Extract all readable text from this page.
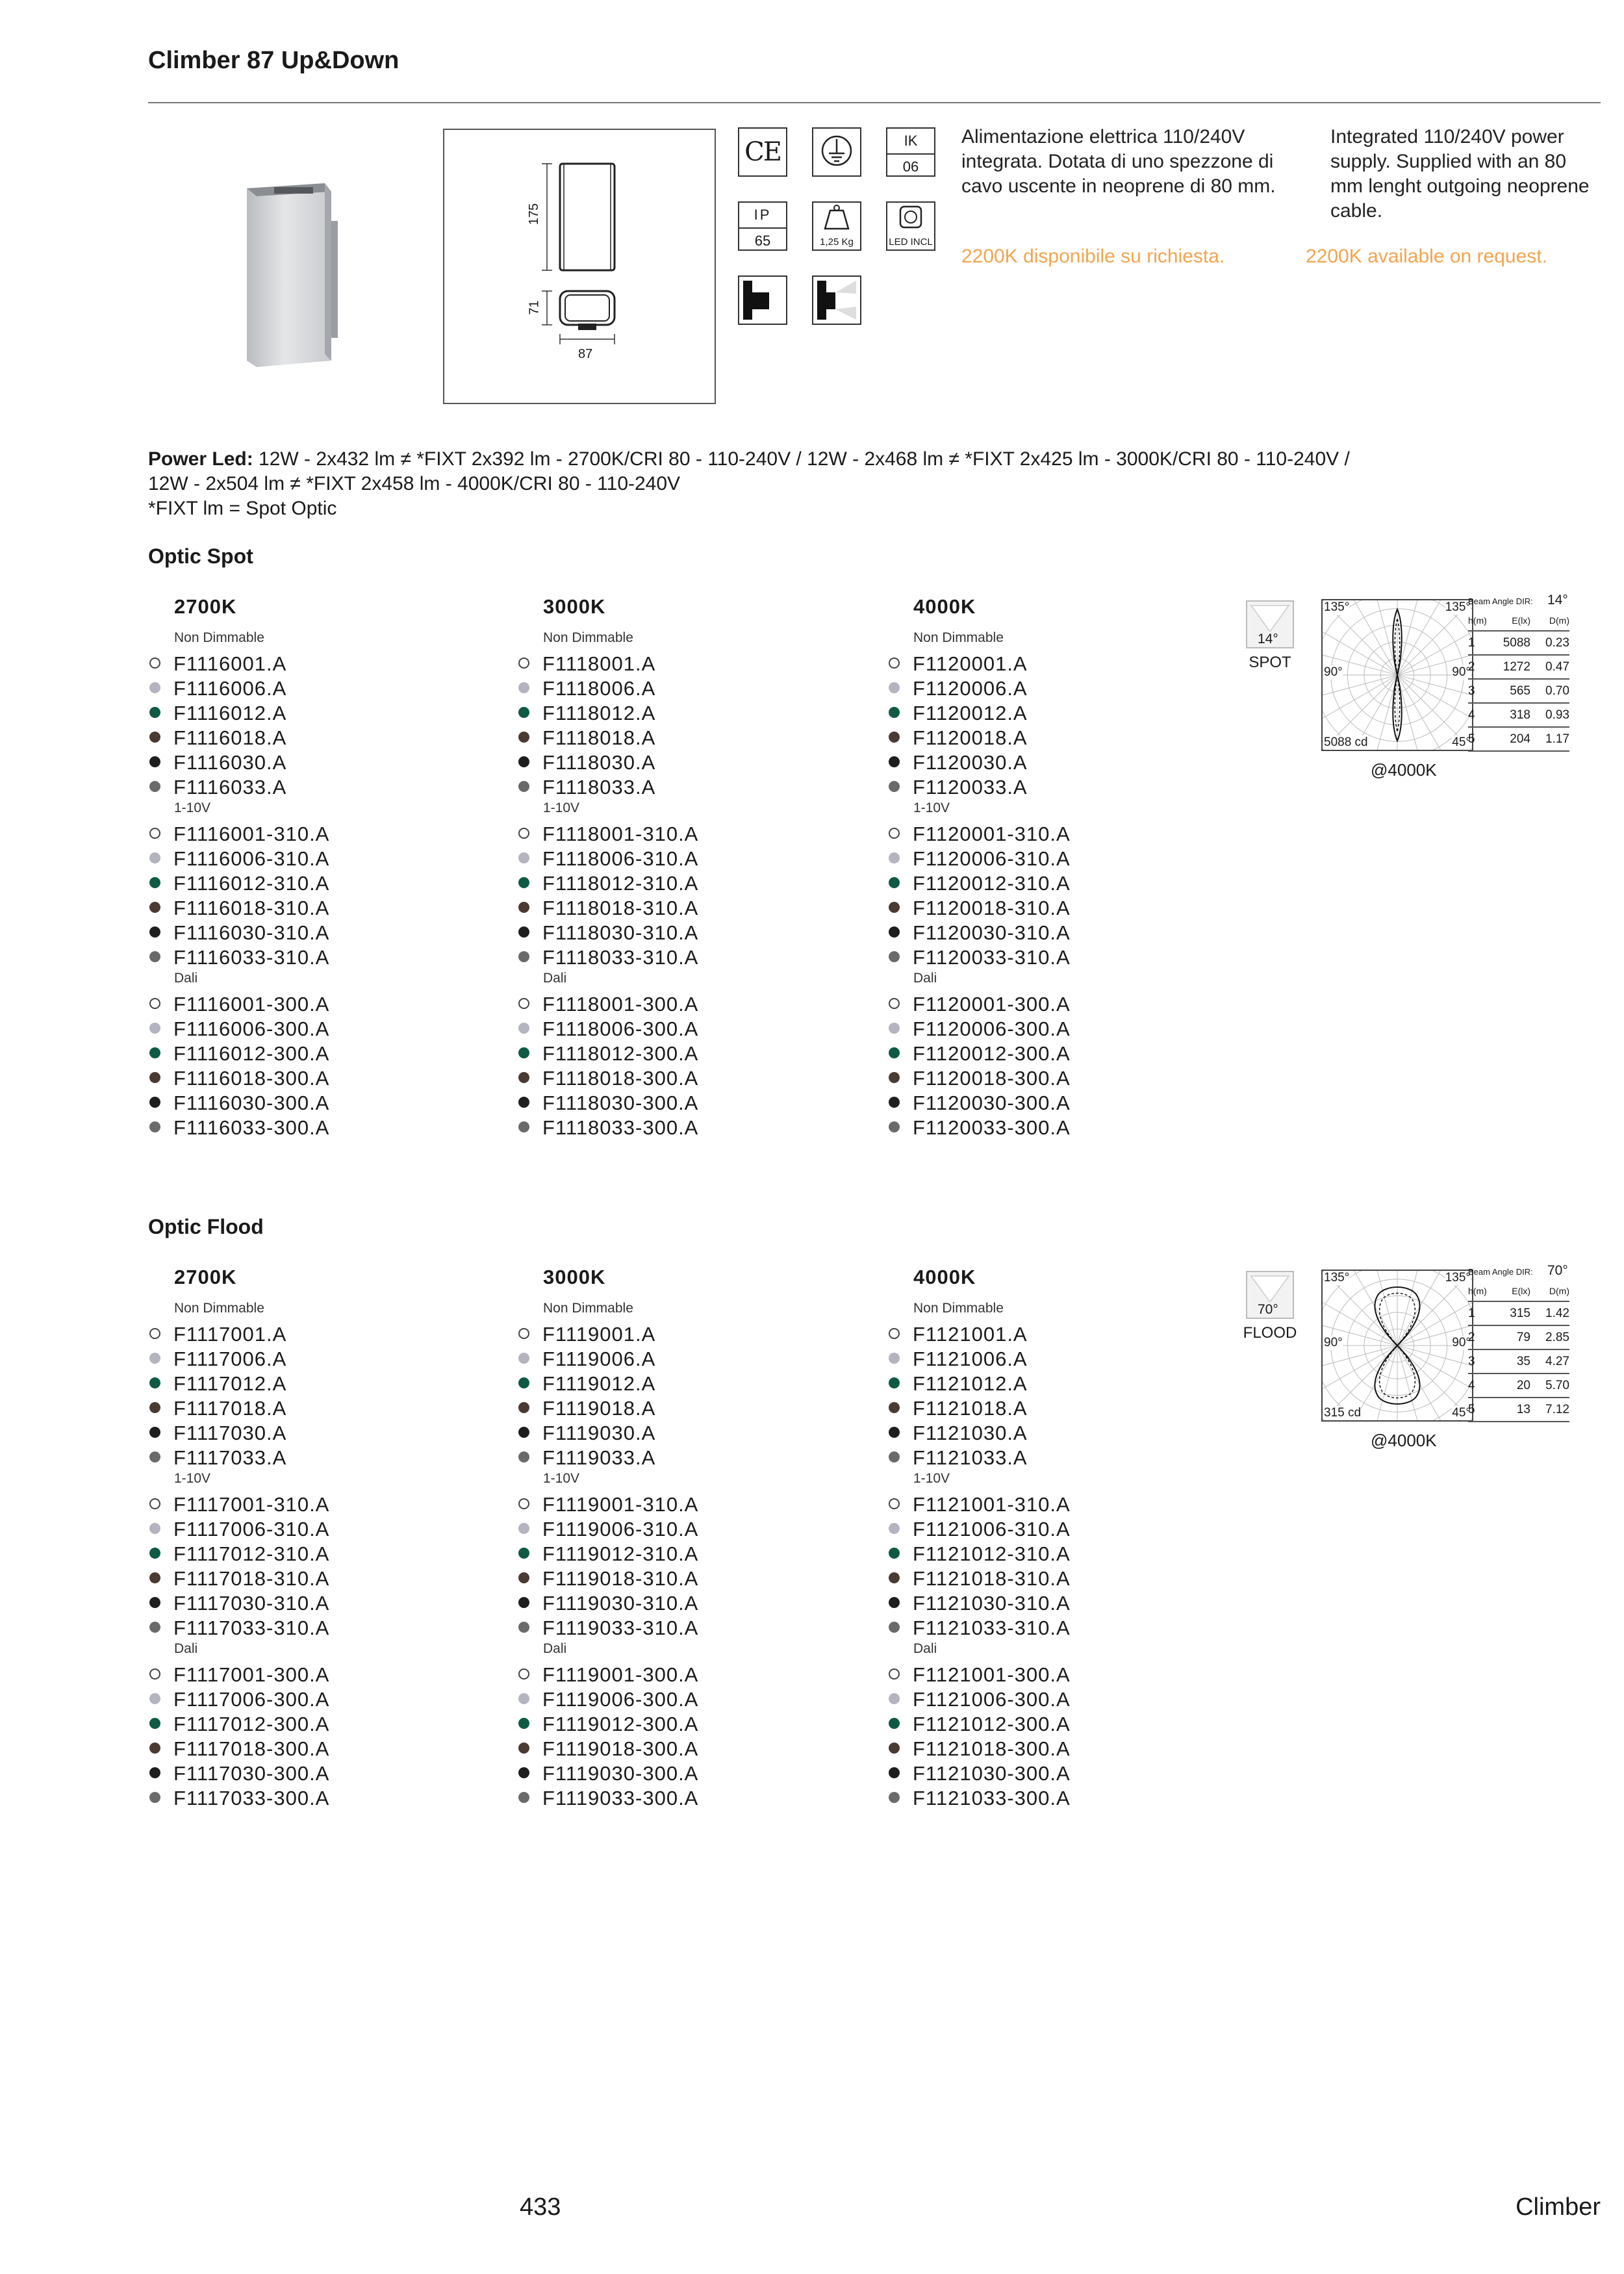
Climber 87 Up&Down
175
71
87
CE	IK
06
IP
65	1,25 Kg	LED INCL
Alimentazione elettrica 110/240V integrata. Dotata di uno spezzone di cavo uscente in neoprene di 80 mm.
Integrated 110/240V power supply. Supplied with an 80 mm lenght outgoing neoprene cable.
2200K disponibile su richiesta.	2200K available on request.
Power Led: 12W - 2x432 lm ≠ *FIXT 2x392 lm - 2700K/CRI 80 - 110-240V / 12W - 2x468 lm ≠ *FIXT 2x425 lm - 3000K/CRI 80 - 110-240V /
12W - 2x504 lm ≠ *FIXT 2x458 lm - 4000K/CRI 80 - 110-240V
*FIXT lm = Spot Optic
Optic Spot
2700K
Non Dimmable
F1116001.A
F1116006.A
F1116012.A
F1116018.A
F1116030.A
F1116033.A
1-10V
F1116001-310.A
F1116006-310.A
F1116012-310.A
F1116018-310.A
F1116030-310.A
F1116033-310.A
Dali
F1116001-300.A
F1116006-300.A
F1116012-300.A
F1116018-300.A
F1116030-300.A
F1116033-300.A
3000K
Non Dimmable
F1118001.A
F1118006.A
F1118012.A
F1118018.A
F1118030.A
F1118033.A
1-10V
F1118001-310.A
F1118006-310.A
F1118012-310.A
F1118018-310.A
F1118030-310.A
F1118033-310.A
Dali
F1118001-300.A
F1118006-300.A
F1118012-300.A
F1118018-300.A
F1118030-300.A
F1118033-300.A
4000K
Non Dimmable
F1120001.A
F1120006.A
F1120012.A
F1120018.A
F1120030.A
F1120033.A
1-10V
F1120001-310.A
F1120006-310.A
F1120012-310.A
F1120018-310.A
F1120030-310.A
F1120033-310.A
Dali
F1120001-300.A
F1120006-300.A
F1120012-300.A
F1120018-300.A
F1120030-300.A
F1120033-300.A
14°
SPOT
135°	135°
90°	90°
5088 cd	45°
@4000K
Beam Angle DIR: 14°
h(m)	E(lx)	D(m)
1	5088	0.23
2	1272	0.47
3	565	0.70
4	318	0.93
5	204	1.17
Optic Flood
2700K
Non Dimmable
F1117001.A
F1117006.A
F1117012.A
F1117018.A
F1117030.A
F1117033.A
1-10V
F1117001-310.A
F1117006-310.A
F1117012-310.A
F1117018-310.A
F1117030-310.A
F1117033-310.A
Dali
F1117001-300.A
F1117006-300.A
F1117012-300.A
F1117018-300.A
F1117030-300.A
F1117033-300.A
3000K
Non Dimmable
F1119001.A
F1119006.A
F1119012.A
F1119018.A
F1119030.A
F1119033.A
1-10V
F1119001-310.A
F1119006-310.A
F1119012-310.A
F1119018-310.A
F1119030-310.A
F1119033-310.A
Dali
F1119001-300.A
F1119006-300.A
F1119012-300.A
F1119018-300.A
F1119030-300.A
F1119033-300.A
4000K
Non Dimmable
F1121001.A
F1121006.A
F1121012.A
F1121018.A
F1121030.A
F1121033.A
1-10V
F1121001-310.A
F1121006-310.A
F1121012-310.A
F1121018-310.A
F1121030-310.A
F1121033-310.A
Dali
F1121001-300.A
F1121006-300.A
F1121012-300.A
F1121018-300.A
F1121030-300.A
F1121033-300.A
70°
FLOOD
135°	135°
90°	90°
315 cd	45°
@4000K
Beam Angle DIR: 70°
h(m)	E(lx)	D(m)
1	315	1.42
2	79	2.85
3	35	4.27
4	20	5.70
5	13	7.12
433	Climber
